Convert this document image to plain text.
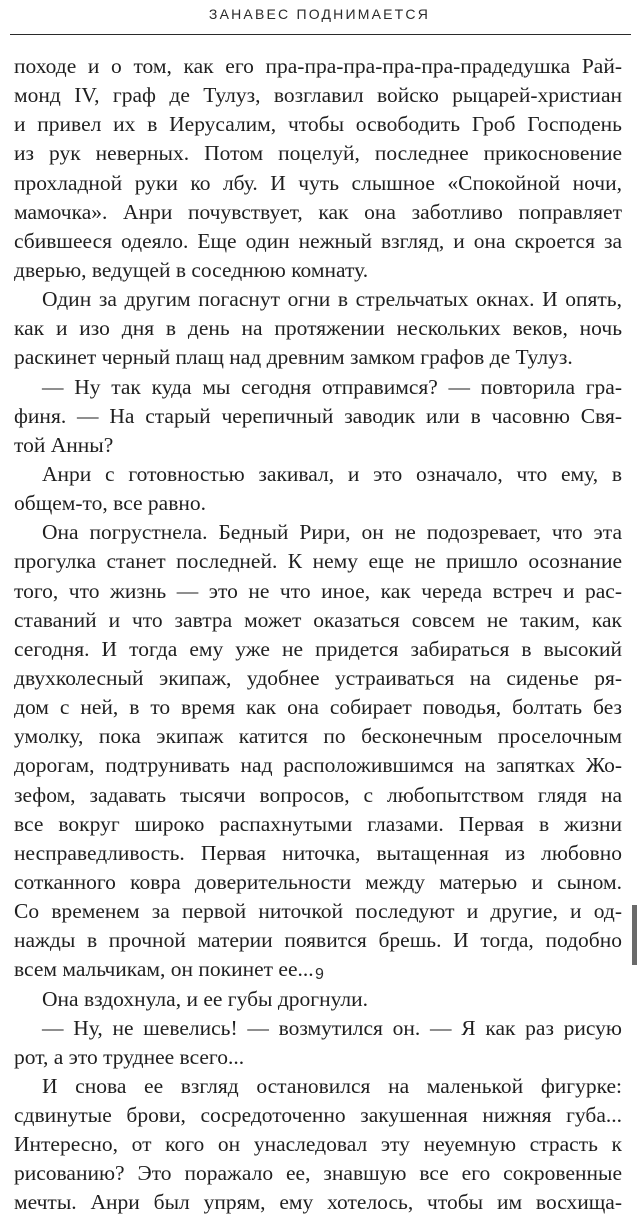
ЗАНАВЕС ПОДНИМАЕТСЯ
походе и о том, как его пра-пра-пра-пра-пра-прадедушка Рай-
монд IV, граф де Тулуз, возглавил войско рыцарей-христиан
и привел их в Иерусалим, чтобы освободить Гроб Господень
из рук неверных. Потом поцелуй, последнее прикосновение
прохладной руки ко лбу. И чуть слышное «Спокойной ночи,
мамочка». Анри почувствует, как она заботливо поправляет
сбившееся одеяло. Еще один нежный взгляд, и она скроется за
дверью, ведущей в соседнюю комнату.
Один за другим погаснут огни в стрельчатых окнах. И опять,
как и изо дня в день на протяжении нескольких веков, ночь
раскинет черный плащ над древним замком графов де Тулуз.
— Ну так куда мы сегодня отправимся? — повторила гра-
финя. — На старый черепичный заводик или в часовню Свя-
той Анны?
Анри с готовностью закивал, и это означало, что ему, в
общем-то, все равно.
Она погрустнела. Бедный Рири, он не подозревает, что эта
прогулка станет последней. К нему еще не пришло осознание
того, что жизнь — это не что иное, как череда встреч и рас-
ставаний и что завтра может оказаться совсем не таким, как
сегодня. И тогда ему уже не придется забираться в высокий
двухколесный экипаж, удобнее устраиваться на сиденье ря-
дом с ней, в то время как она собирает поводья, болтать без
умолку, пока экипаж катится по бесконечным проселочным
дорогам, подтрунивать над расположившимся на запятках Жо-
зефом, задавать тысячи вопросов, с любопытством глядя на
все вокруг широко распахнутыми глазами. Первая в жизни
несправедливость. Первая ниточка, вытащенная из любовно
сотканного ковра доверительности между матерью и сыном.
Со временем за первой ниточкой последуют и другие, и од-
нажды в прочной материи появится брешь. И тогда, подобно
всем мальчикам, он покинет ее...
Она вздохнула, и ее губы дрогнули.
— Ну, не шевелись! — возмутился он. — Я как раз рисую
рот, а это труднее всего...
И снова ее взгляд остановился на маленькой фигурке:
сдвинутые брови, сосредоточенно закушенная нижняя губа...
Интересно, от кого он унаследовал эту неуемную страсть к
рисованию? Это поражало ее, знавшую все его сокровенные
мечты. Анри был упрям, ему хотелось, чтобы им восхища-
9
